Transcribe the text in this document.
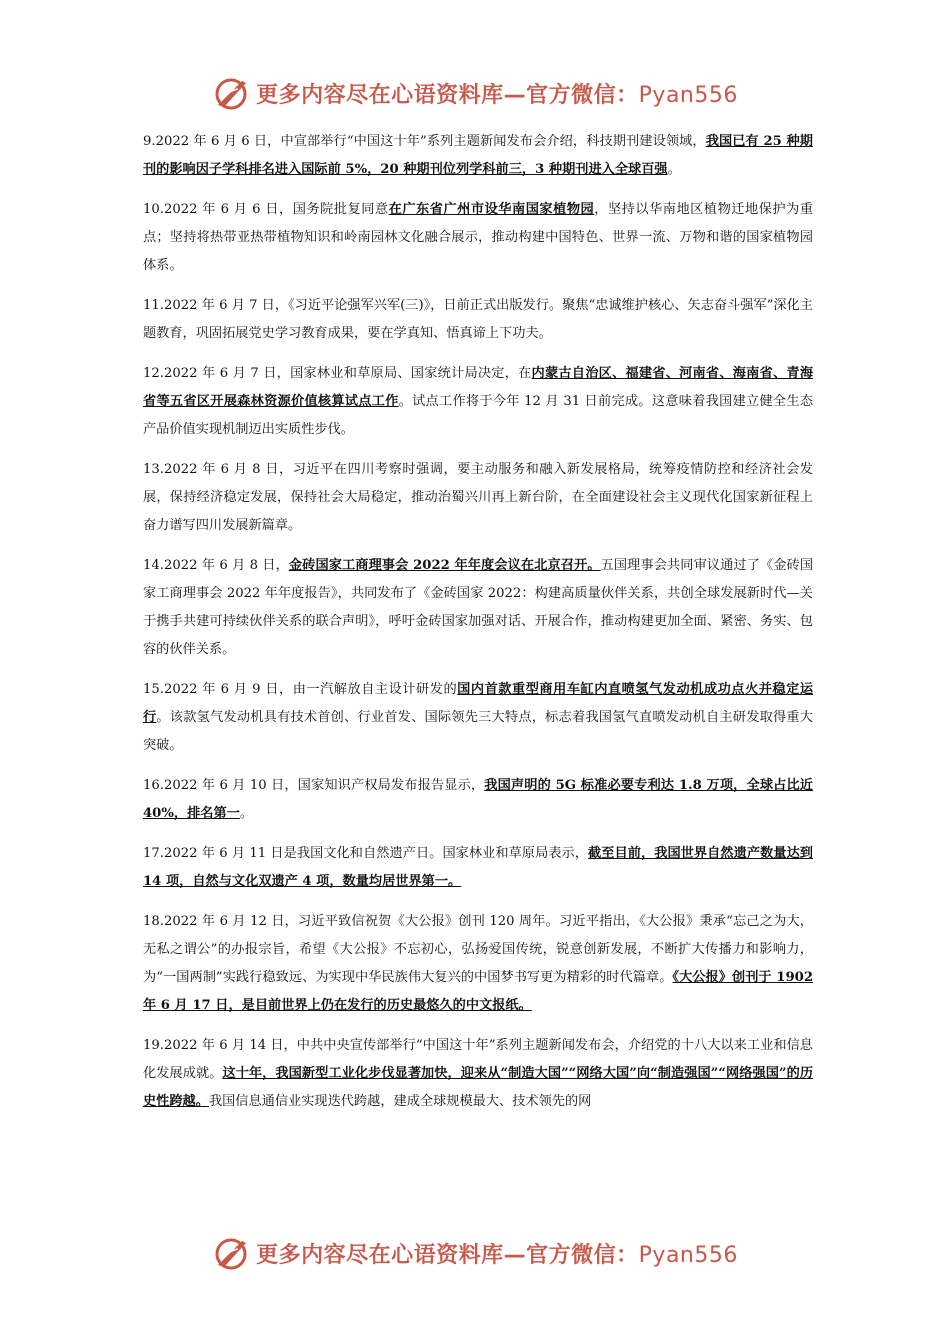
更多内容尽在心语资料库—官方微信：Pyan556

9.2022 年 6 月 6 日，中宣部举行“中国这十年”系列主题新闻发布会介绍，科技期刊建设领域，我国已有 25 种期刊的影响因子学科排名进入国际前 5%，20 种期刊位列学科前三，3 种期刊进入全球百强。

10.2022 年 6 月 6 日，国务院批复同意在广东省广州市设华南国家植物园，坚持以华南地区植物迁地保护为重点；坚持将热带亚热带植物知识和岭南园林文化融合展示，推动构建中国特色、世界一流、万物和谐的国家植物园体系。

11.2022 年 6 月 7 日，《习近平论强军兴军(三)》，日前正式出版发行。聚焦“忠诚维护核心、矢志奋斗强军”深化主题教育，巩固拓展党史学习教育成果，要在学真知、悟真谛上下功夫。

12.2022 年 6 月 7 日，国家林业和草原局、国家统计局决定，在内蒙古自治区、福建省、河南省、海南省、青海省等五省区开展森林资源价值核算试点工作。试点工作将于今年 12 月 31 日前完成。这意味着我国建立健全生态产品价值实现机制迈出实质性步伐。

13.2022 年 6 月 8 日，习近平在四川考察时强调，要主动服务和融入新发展格局，统筹疫情防控和经济社会发展，保持经济稳定发展，保持社会大局稳定，推动治蜀兴川再上新台阶，在全面建设社会主义现代化国家新征程上奋力谱写四川发展新篇章。

14.2022 年 6 月 8 日，金砖国家工商理事会 2022 年年度会议在北京召开。五国理事会共同审议通过了《金砖国家工商理事会 2022 年年度报告》，共同发布了《金砖国家 2022：构建高质量伙伴关系，共创全球发展新时代—关于携手共建可持续伙伴关系的联合声明》，呼吁金砖国家加强对话、开展合作，推动构建更加全面、紧密、务实、包容的伙伴关系。

15.2022 年 6 月 9 日，由一汽解放自主设计研发的国内首款重型商用车缸内直喷氢气发动机成功点火并稳定运行。该款氢气发动机具有技术首创、行业首发、国际领先三大特点，标志着我国氢气直喷发动机自主研发取得重大突破。

16.2022 年 6 月 10 日，国家知识产权局发布报告显示，我国声明的 5G 标准必要专利达 1.8 万项，全球占比近 40%，排名第一。

17.2022 年 6 月 11 日是我国文化和自然遗产日。国家林业和草原局表示，截至目前，我国世界自然遗产数量达到 14 项，自然与文化双遗产 4 项，数量均居世界第一。

18.2022 年 6 月 12 日，习近平致信祝贺《大公报》创刊 120 周年。习近平指出，《大公报》秉承“忘己之为大，无私之谓公”的办报宗旨，希望《大公报》不忘初心，弘扬爱国传统，锐意创新发展，不断扩大传播力和影响力，为“一国两制”实践行稳致远、为实现中华民族伟大复兴的中国梦书写更为精彩的时代篇章。《大公报》创刊于 1902 年 6 月 17 日，是目前世界上仍在发行的历史最悠久的中文报纸。

19.2022 年 6 月 14 日，中共中央宣传部举行“中国这十年”系列主题新闻发布会，介绍党的十八大以来工业和信息化发展成就。这十年，我国新型工业化步伐显著加快，迎来从“制造大国”“网络大国”向“制造强国”“网络强国”的历史性跨越。我国信息通信业实现迭代跨越，建成全球规模最大、技术领先的网

更多内容尽在心语资料库—官方微信：Pyan556
